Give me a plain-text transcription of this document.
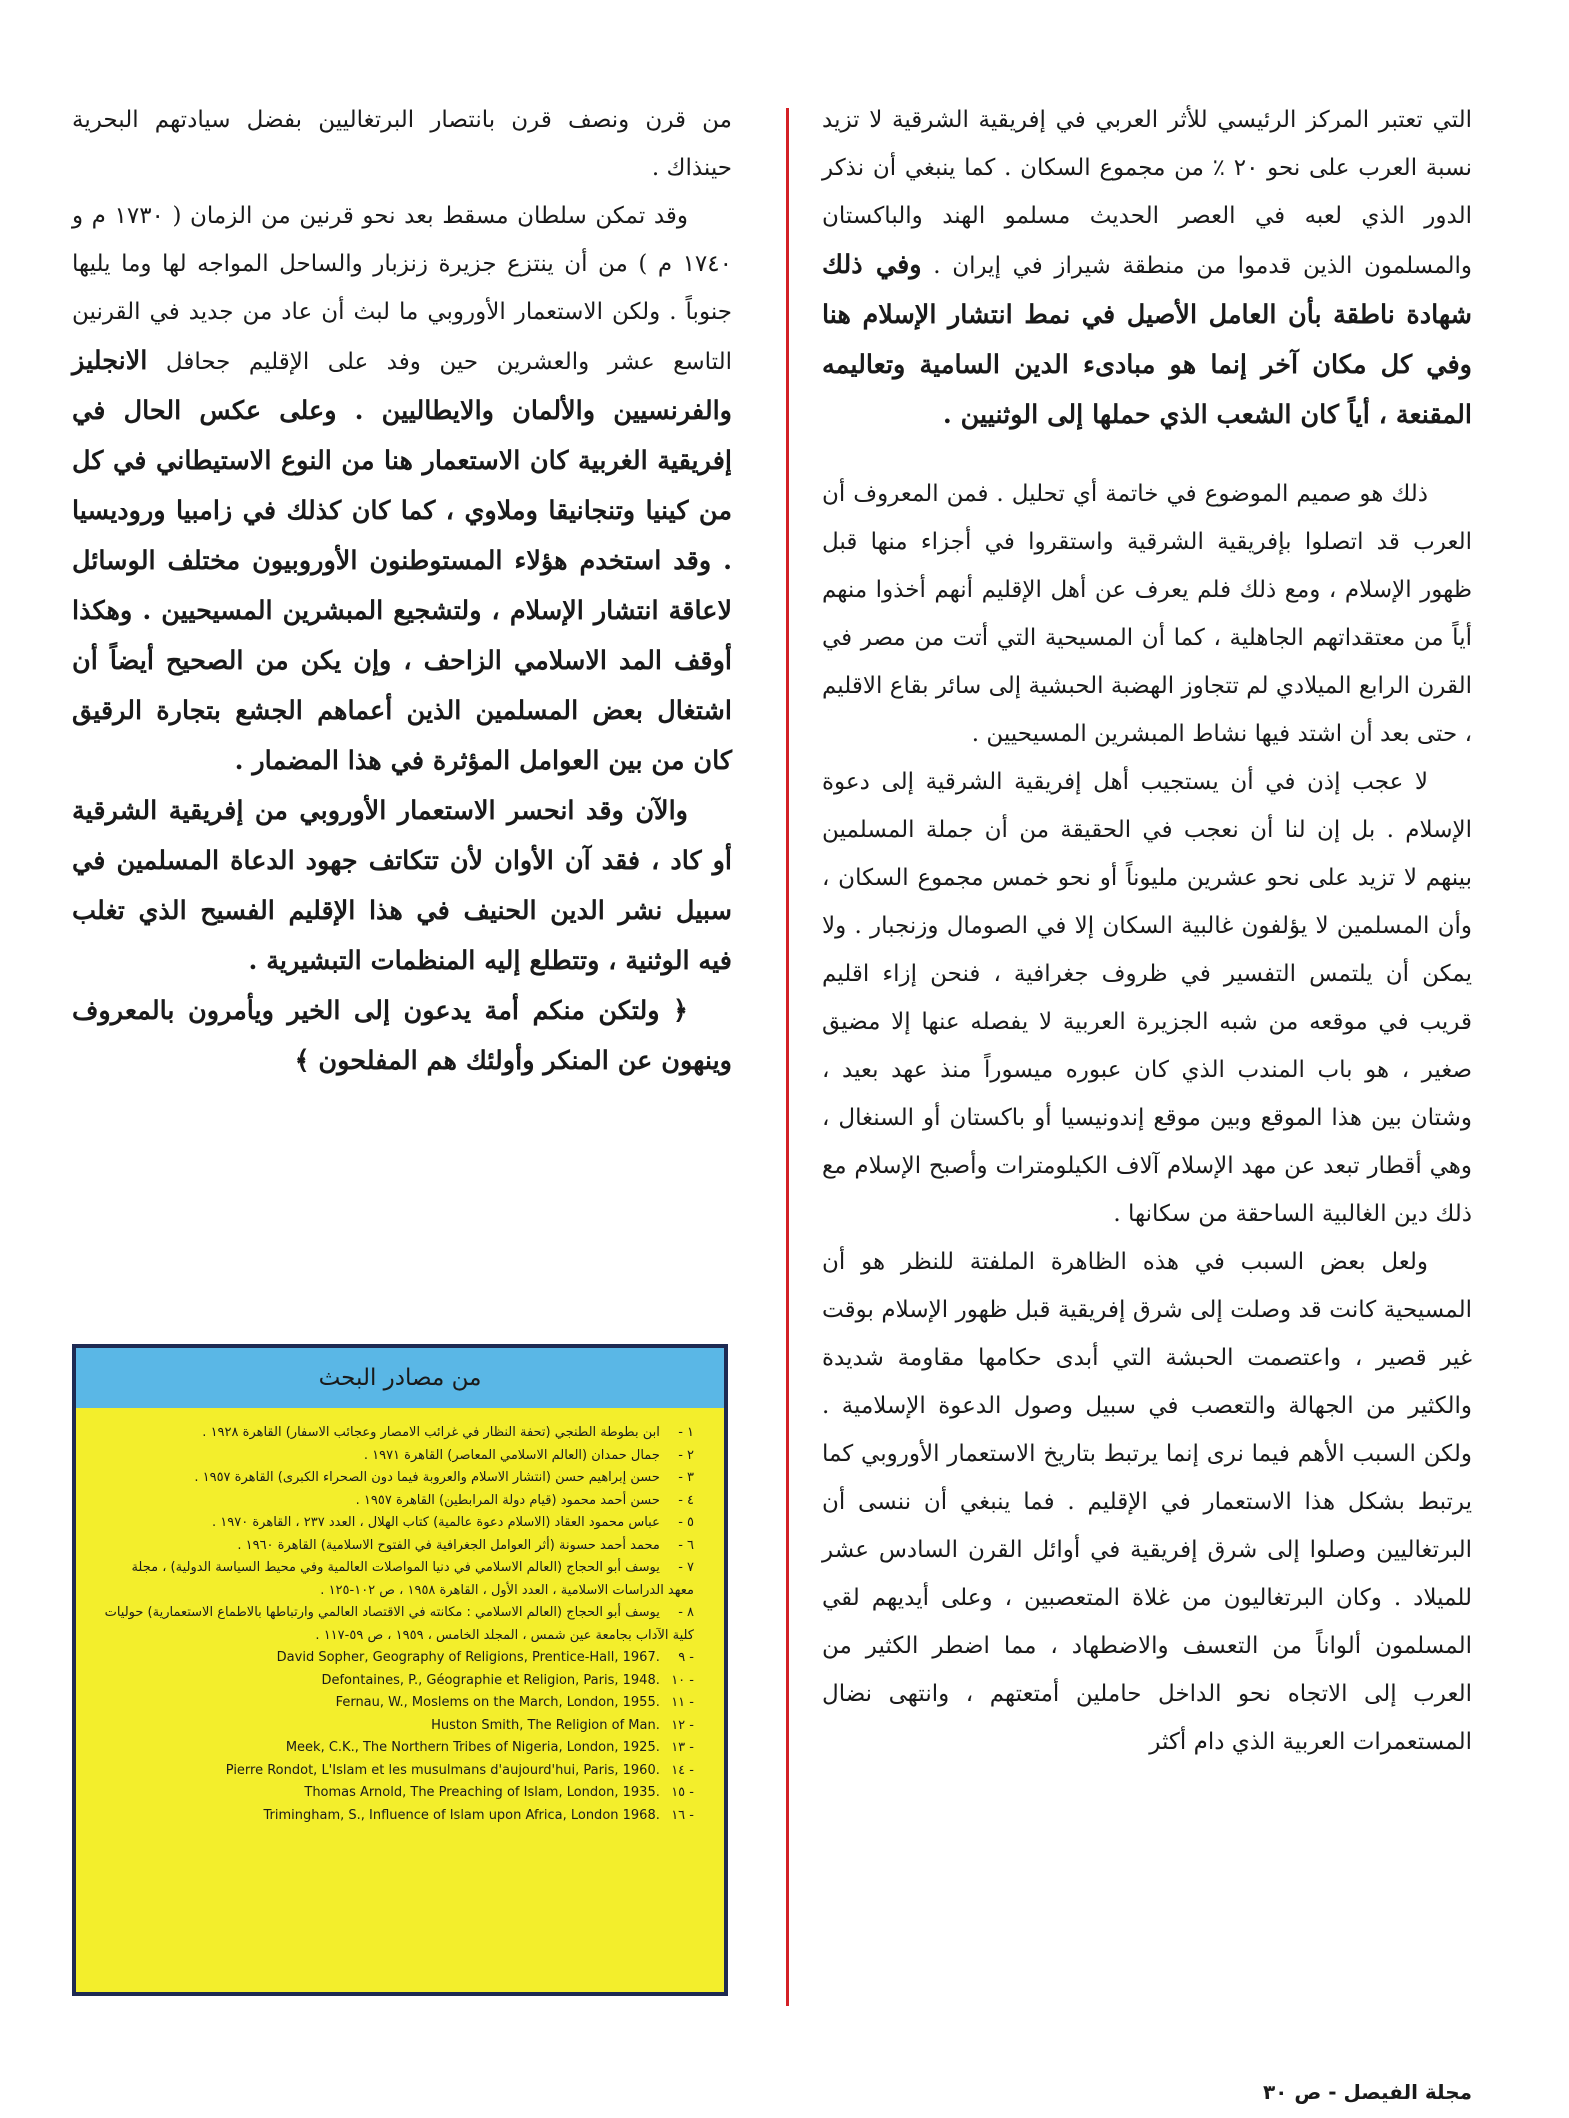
التي تعتبر المركز الرئيسي للأثر العربي في إفريقية الشرقية لا تزيد نسبة العرب على نحو ٢٠ ٪ من مجموع السكان . كما ينبغي أن نذكر الدور الذي لعبه في العصر الحديث مسلمو الهند والباكستان والمسلمون الذين قدموا من منطقة شيراز في إيران . وفي ذلك شهادة ناطقة بأن العامل الأصيل في نمط انتشار الإسلام هنا وفي كل مكان آخر إنما هو مبادىء الدين السامية وتعاليمه المقنعة ، أياً كان الشعب الذي حملها إلى الوثنيين .

ذلك هو صميم الموضوع في خاتمة أي تحليل . فمن المعروف أن العرب قد اتصلوا بإفريقية الشرقية واستقروا في أجزاء منها قبل ظهور الإسلام ، ومع ذلك فلم يعرف عن أهل الإقليم أنهم أخذوا منهم أياً من معتقداتهم الجاهلية ، كما أن المسيحية التي أتت من مصر في القرن الرابع الميلادي لم تتجاوز الهضبة الحبشية إلى سائر بقاع الاقليم ، حتى بعد أن اشتد فيها نشاط المبشرين المسيحيين .

لا عجب إذن في أن يستجيب أهل إفريقية الشرقية إلى دعوة الإسلام . بل إن لنا أن نعجب في الحقيقة من أن جملة المسلمين بينهم لا تزيد على نحو عشرين مليوناً أو نحو خمس مجموع السكان ، وأن المسلمين لا يؤلفون غالبية السكان إلا في الصومال وزنجبار . ولا يمكن أن يلتمس التفسير في ظروف جغرافية ، فنحن إزاء اقليم قريب في موقعه من شبه الجزيرة العربية لا يفصله عنها إلا مضيق صغير ، هو باب المندب الذي كان عبوره ميسوراً منذ عهد بعيد ، وشتان بين هذا الموقع وبين موقع إندونيسيا أو باكستان أو السنغال ، وهي أقطار تبعد عن مهد الإسلام آلاف الكيلومترات وأصبح الإسلام مع ذلك دين الغالبية الساحقة من سكانها .

ولعل بعض السبب في هذه الظاهرة الملفتة للنظر هو أن المسيحية كانت قد وصلت إلى شرق إفريقية قبل ظهور الإسلام بوقت غير قصير ، واعتصمت الحبشة التي أبدى حكامها مقاومة شديدة والكثير من الجهالة والتعصب في سبيل وصول الدعوة الإسلامية . ولكن السبب الأهم فيما نرى إنما يرتبط بتاريخ الاستعمار الأوروبي كما يرتبط بشكل هذا الاستعمار في الإقليم . فما ينبغي أن ننسى أن البرتغاليين وصلوا إلى شرق إفريقية في أوائل القرن السادس عشر للميلاد . وكان البرتغاليون من غلاة المتعصبين ، وعلى أيديهم لقي المسلمون ألواناً من التعسف والاضطهاد ، مما اضطر الكثير من العرب إلى الاتجاه نحو الداخل حاملين أمتعتهم ، وانتهى نضال المستعمرات العربية الذي دام أكثر

من قرن ونصف قرن بانتصار البرتغاليين بفضل سيادتهم البحرية حينذاك .

وقد تمكن سلطان مسقط بعد نحو قرنين من الزمان ( ١٧٣٠ م و ١٧٤٠ م ) من أن ينتزع جزيرة زنزبار والساحل المواجه لها وما يليها جنوباً . ولكن الاستعمار الأوروبي ما لبث أن عاد من جديد في القرنين التاسع عشر والعشرين حين وفد على الإقليم جحافل الانجليز والفرنسيين والألمان والايطاليين . وعلى عكس الحال في إفريقية الغربية كان الاستعمار هنا من النوع الاستيطاني في كل من كينيا وتنجانيقا وملاوي ، كما كان كذلك في زامبيا وروديسيا . وقد استخدم هؤلاء المستوطنون الأوروبيون مختلف الوسائل لاعاقة انتشار الإسلام ، ولتشجيع المبشرين المسيحيين . وهكذا أوقف المد الاسلامي الزاحف ، وإن يكن من الصحيح أيضاً أن اشتغال بعض المسلمين الذين أعماهم الجشع بتجارة الرقيق كان من بين العوامل المؤثرة في هذا المضمار .

والآن وقد انحسر الاستعمار الأوروبي من إفريقية الشرقية أو كاد ، فقد آن الأوان لأن تتكاتف جهود الدعاة المسلمين في سبيل نشر الدين الحنيف في هذا الإقليم الفسيح الذي تغلب فيه الوثنية ، وتتطلع إليه المنظمات التبشيرية .

﴿ ولتكن منكم أمة يدعون إلى الخير ويأمرون بالمعروف وينهون عن المنكر وأولئك هم المفلحون ﴾

من مصادر البحث
١ - ابن بطوطة الطنجي (تحفة النظار في غرائب الامصار وعجائب الاسفار) القاهرة ١٩٢٨ .
٢ - جمال حمدان (العالم الاسلامي المعاصر) القاهرة ١٩٧١ .
٣ - حسن إبراهيم حسن (انتشار الاسلام والعروبة فيما دون الصحراء الكبرى) القاهرة ١٩٥٧ .
٤ - حسن أحمد محمود (قيام دولة المرابطين) القاهرة ١٩٥٧ .
٥ - عباس محمود العقاد (الاسلام دعوة عالمية) كتاب الهلال ، العدد ٢٣٧ ، القاهرة ١٩٧٠ .
٦ - محمد أحمد حسونة (أثر العوامل الجغرافية في الفتوح الاسلامية) القاهرة ١٩٦٠ .
٧ - يوسف أبو الحجاج (العالم الاسلامي في دنيا المواصلات العالمية وفي محيط السياسة الدولية) ، مجلة معهد الدراسات الاسلامية ، العدد الأول ، القاهرة ١٩٥٨ ، ص ١٠٢-١٢٥ .
٨ - يوسف أبو الحجاج (العالم الاسلامي : مكانته في الاقتصاد العالمي وارتباطها بالاطماع الاستعمارية) حوليات كلية الآداب بجامعة عين شمس ، المجلد الخامس ، ١٩٥٩ ، ص ٥٩-١١٧ .
David Sopher, Geography of Religions, Prentice-Hall, 1967. ٩ -
Defontaines, P., Géographie et Religion, Paris, 1948. ١٠ -
Fernau, W., Moslems on the March, London, 1955. ١١ -
Huston Smith, The Religion of Man. ١٢ -
Meek, C.K., The Northern Tribes of Nigeria, London, 1925. ١٣ -
Pierre Rondot, L'Islam et les musulmans d'aujourd'hui, Paris, 1960. ١٤ -
Thomas Arnold, The Preaching of Islam, London, 1935. ١٥ -
Trimingham, S., Influence of Islam upon Africa, London 1968. ١٦ -
مجلة الفيصل - ص ٣٠
